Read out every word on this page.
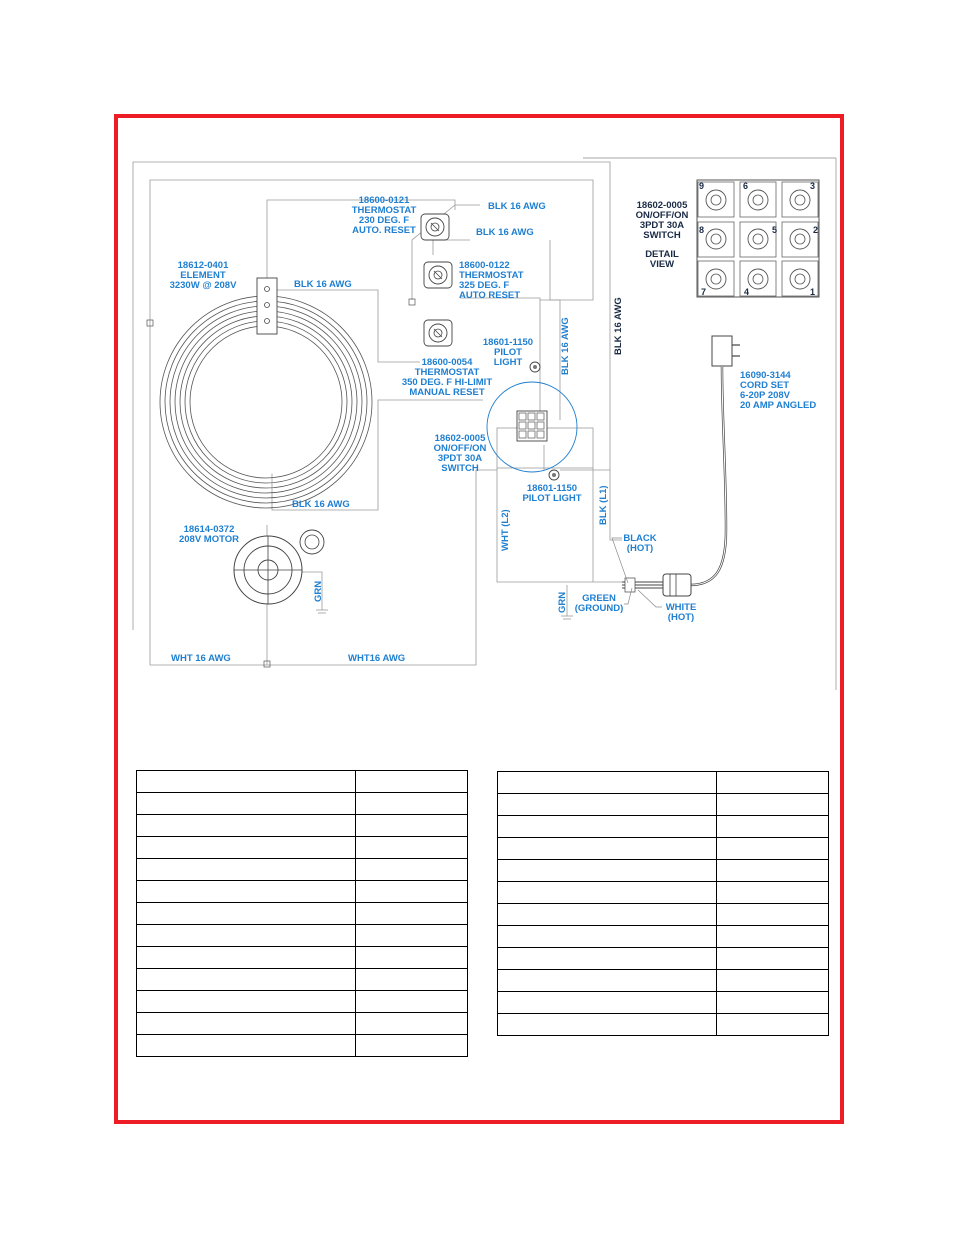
9	6	3
8	5	2
7	4	1
18600-0121
THERMOSTAT
230 DEG. F
AUTO. RESET
18600-0122
THERMOSTAT
325 DEG. F
AUTO RESET
18600-0054
THERMOSTAT
350 DEG. F HI-LIMIT
MANUAL RESET
18612-0401
ELEMENT
3230W @ 208V
18601-1150
PILOT
LIGHT
18602-0005
ON/OFF/ON
3PDT 30A
SWITCH
18601-1150
PILOT LIGHT
18614-0372
208V MOTOR
16090-3144
CORD SET
6-20P 208V
20 AMP ANGLED
18602-0005
ON/OFF/ON
3PDT 30A
SWITCH
DETAIL
VIEW
BLK 16 AWG
BLK 16 AWG
BLK 16 AWG
BLK 16 AWG
WHT 16 AWG	WHT16 AWG
BLK 16 AWG
WHT (L2)
BLK (L1)
GRN
GRN
BLK 16 AWG
BLACK
(HOT)
GREEN
(GROUND)	WHITE
(HOT)
